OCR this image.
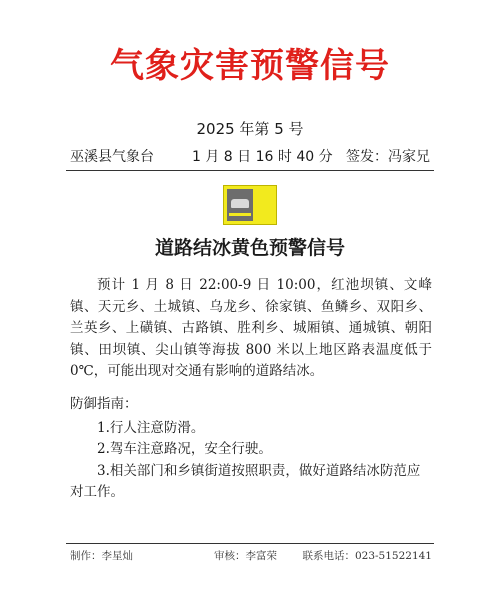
气象灾害预警信号
2025 年第 5 号
巫溪县气象台	1 月 8 日 16 时 40 分 签发：冯家兄
道路结冰黄色预警信号

预计 1 月 8 日 22:00-9 日 10:00，红池坝镇、文峰镇、天元乡、土城镇、乌龙乡、徐家镇、鱼鳞乡、双阳乡、兰英乡、上磺镇、古路镇、胜利乡、城厢镇、通城镇、朝阳镇、田坝镇、尖山镇等海拔 800 米以上地区路表温度低于 0℃，可能出现对交通有影响的道路结冰。

防御指南：
1.行人注意防滑。
2.驾车注意路况，安全行驶。
3.相关部门和乡镇街道按照职责，做好道路结冰防范应对工作。
制作：李星灿	审核：李富荣 联系电话：023-51522141
